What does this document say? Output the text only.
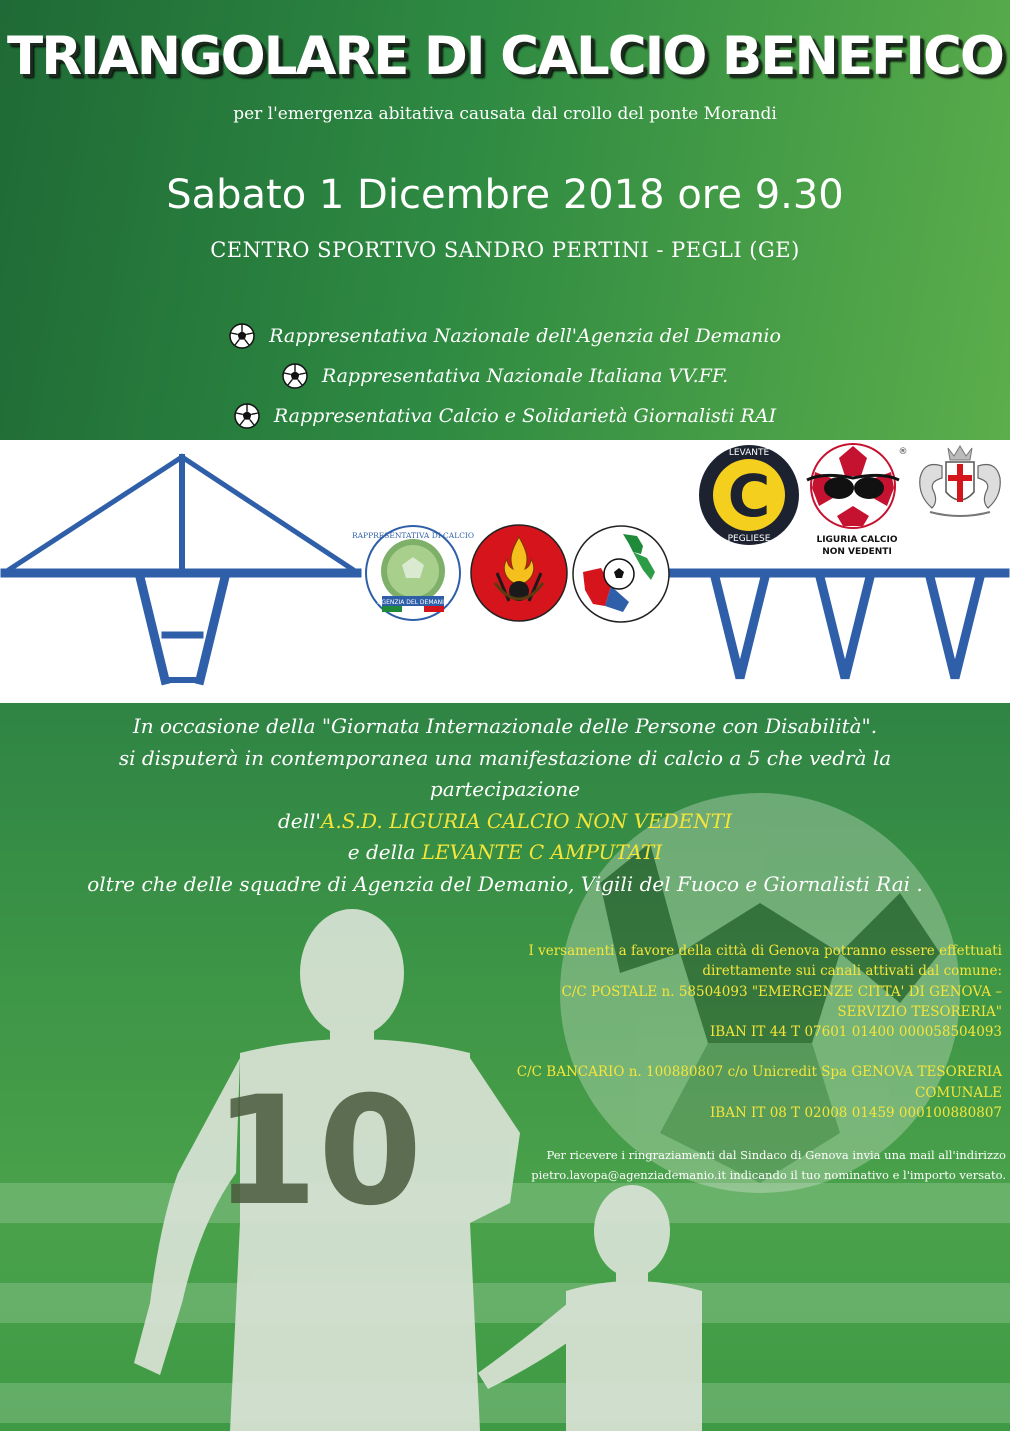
TRIANGOLARE DI CALCIO BENEFICO
per l'emergenza abitativa causata dal crollo del ponte Morandi
Sabato 1 Dicembre 2018 ore 9.30
CENTRO SPORTIVO SANDRO PERTINI - PEGLI (GE)
Rappresentativa Nazionale dell'Agenzia del Demanio
Rappresentativa Nazionale Italiana VV.FF.
Rappresentativa Calcio e Solidarietà Giornalisti RAI
RAPPRESENTATIVA DI CALCIO
AGENZIA DEL DEMANIO
C
LEVANTE
PEGLIESE
®
LIGURIA CALCIO
NON VEDENTI
10
In occasione della "Giornata Internazionale delle Persone con Disabilità".
si disputerà in contemporanea una manifestazione di calcio a 5 che vedrà la
partecipazione
dell'A.S.D. LIGURIA CALCIO NON VEDENTI
e della LEVANTE C AMPUTATI
oltre che delle squadre di Agenzia del Demanio, Vigili del Fuoco e Giornalisti Rai .
I versamenti a favore della città di Genova potranno essere effettuati
direttamente sui canali attivati dal comune:
C/C POSTALE n. 58504093 "EMERGENZE CITTA' DI GENOVA –
SERVIZIO TESORERIA"
IBAN IT 44 T 07601 01400 000058504093
C/C BANCARIO n. 100880807 c/o Unicredit Spa GENOVA TESORERIA
COMUNALE
IBAN IT 08 T 02008 01459 000100880807
Per ricevere i ringraziamenti dal Sindaco di Genova invia una mail all'indirizzo
pietro.lavopa@agenziademanio.it indicando il tuo nominativo e l'importo versato.
